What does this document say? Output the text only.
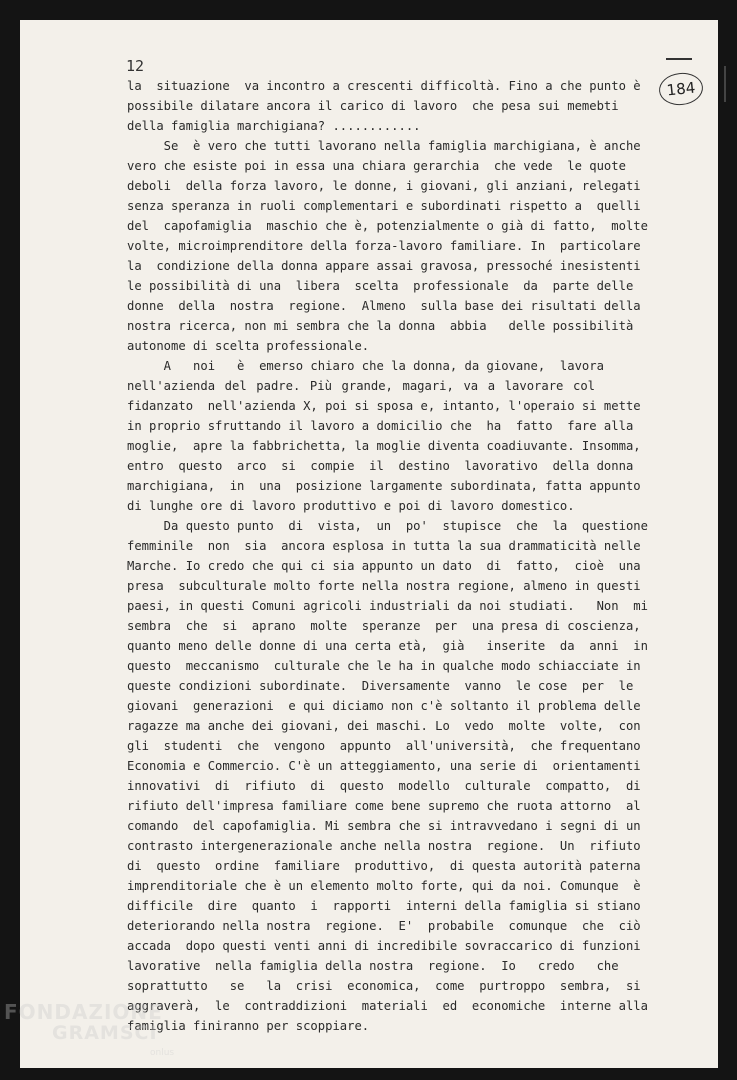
184
12
la  situazione  va incontro a crescenti difficoltà. Fino a che punto è
possibile dilatare ancora il carico di lavoro  che pesa sui memebti
della famiglia marchigiana? ............
Se  è vero che tutti lavorano nella famiglia marchigiana, è anche
vero che esiste poi in essa una chiara gerarchia  che vede  le quote
deboli  della forza lavoro, le donne, i giovani, gli anziani, relegati
senza speranza in ruoli complementari e subordinati rispetto a  quelli
del  capofamiglia  maschio che è, potenzialmente o già di fatto,  molte
volte, microimprenditore della forza-lavoro familiare. In  particolare
la  condizione della donna appare assai gravosa, pressoché inesistenti
le possibilità di una  libera  scelta  professionale  da  parte delle
donne  della  nostra  regione.  Almeno  sulla base dei risultati della
nostra ricerca, non mi sembra che la donna  abbia   delle possibilità
autonome di scelta professionale.
A   noi   è  emerso chiaro che la donna, da giovane,  lavora
nell'azienda del padre. Più grande, magari, va a lavorare col
fidanzato  nell'azienda X, poi si sposa e, intanto, l'operaio si mette
in proprio sfruttando il lavoro a domicilio che  ha  fatto  fare alla
moglie,  apre la fabbrichetta, la moglie diventa coadiuvante. Insomma,
entro  questo  arco  si  compie  il  destino  lavorativo  della donna
marchigiana,  in  una  posizione largamente subordinata, fatta appunto
di lunghe ore di lavoro produttivo e poi di lavoro domestico.
Da questo punto  di  vista,  un  po'  stupisce  che  la  questione
femminile  non  sia  ancora esplosa in tutta la sua drammaticità nelle
Marche. Io credo che qui ci sia appunto un dato  di  fatto,  cioè  una
presa  subculturale molto forte nella nostra regione, almeno in questi
paesi, in questi Comuni agricoli industriali da noi studiati.   Non  mi
sembra  che  si  aprano  molte  speranze  per  una presa di coscienza,
quanto meno delle donne di una certa età,  già   inserite  da  anni  in
questo  meccanismo  culturale che le ha in qualche modo schiacciate in
queste condizioni subordinate.  Diversamente  vanno  le cose  per  le
giovani  generazioni  e qui diciamo non c'è soltanto il problema delle
ragazze ma anche dei giovani, dei maschi. Lo  vedo  molte  volte,  con
gli  studenti  che  vengono  appunto  all'università,  che frequentano
Economia e Commercio. C'è un atteggiamento, una serie di  orientamenti
innovativi  di  rifiuto  di  questo  modello  culturale  compatto,  di
rifiuto dell'impresa familiare come bene supremo che ruota attorno  al
comando  del capofamiglia. Mi sembra che si intravvedano i segni di un
contrasto intergenerazionale anche nella nostra  regione.  Un  rifiuto
di  questo  ordine  familiare  produttivo,  di questa autorità paterna
imprenditoriale che è un elemento molto forte, qui da noi. Comunque  è
difficile  dire  quanto  i  rapporti  interni della famiglia si stiano
deteriorando nella nostra  regione.  E'  probabile  comunque  che  ciò
accada  dopo questi venti anni di incredibile sovraccarico di funzioni
lavorative  nella famiglia della nostra  regione.  Io   credo   che
soprattutto   se   la  crisi  economica,  come  purtroppo  sembra,  si
aggraverà,  le  contraddizioni  materiali  ed  economiche  interne alla
famiglia finiranno per scoppiare.
FONDAZIONE
GRAMSCI
onlus
